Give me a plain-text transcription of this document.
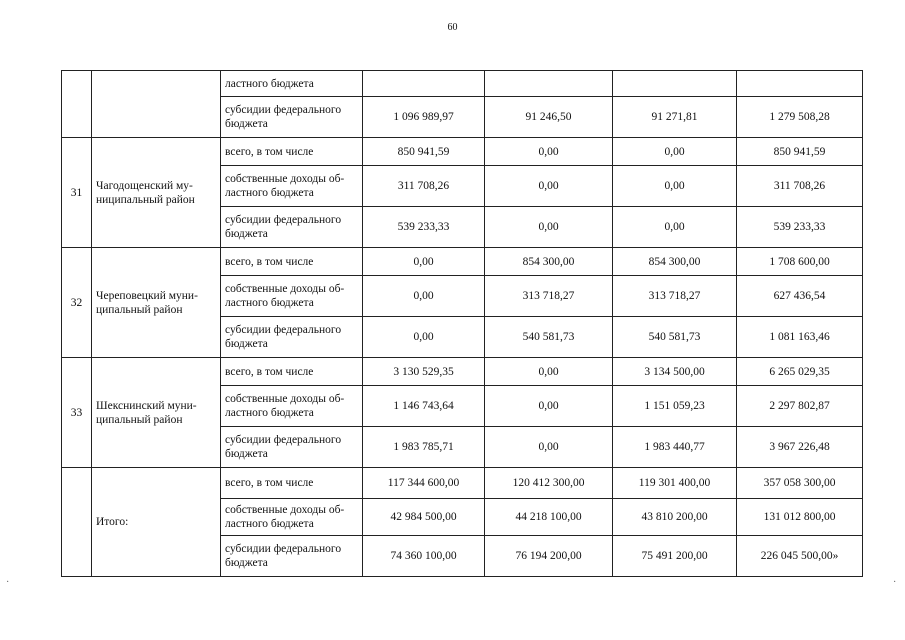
60
		ластного бюджета				
		субсидии федерального бюджета	1 096 989,97	91 246,50	91 271,81	1 279 508,28
31	Чагодощенский му-ниципальный район	всего, в том числе	850 941,59	0,00	0,00	850 941,59
		собственные доходы об-ластного бюджета	311 708,26	0,00	0,00	311 708,26
		субсидии федерального бюджета	539 233,33	0,00	0,00	539 233,33
32	Череповецкий муни-ципальный район	всего, в том числе	0,00	854 300,00	854 300,00	1 708 600,00
		собственные доходы об-ластного бюджета	0,00	313 718,27	313 718,27	627 436,54
		субсидии федерального бюджета	0,00	540 581,73	540 581,73	1 081 163,46
33	Шекснинский муни-ципальный район	всего, в том числе	3 130 529,35	0,00	3 134 500,00	6 265 029,35
		собственные доходы об-ластного бюджета	1 146 743,64	0,00	1 151 059,23	2 297 802,87
		субсидии федерального бюджета	1 983 785,71	0,00	1 983 440,77	3 967 226,48
	Итого:	всего, в том числе	117 344 600,00	120 412 300,00	119 301 400,00	357 058 300,00
		собственные доходы об-ластного бюджета	42 984 500,00	44 218 100,00	43 810 200,00	131 012 800,00
		субсидии федерального бюджета	74 360 100,00	76 194 200,00	75 491 200,00	226 045 500,00»
·	·
